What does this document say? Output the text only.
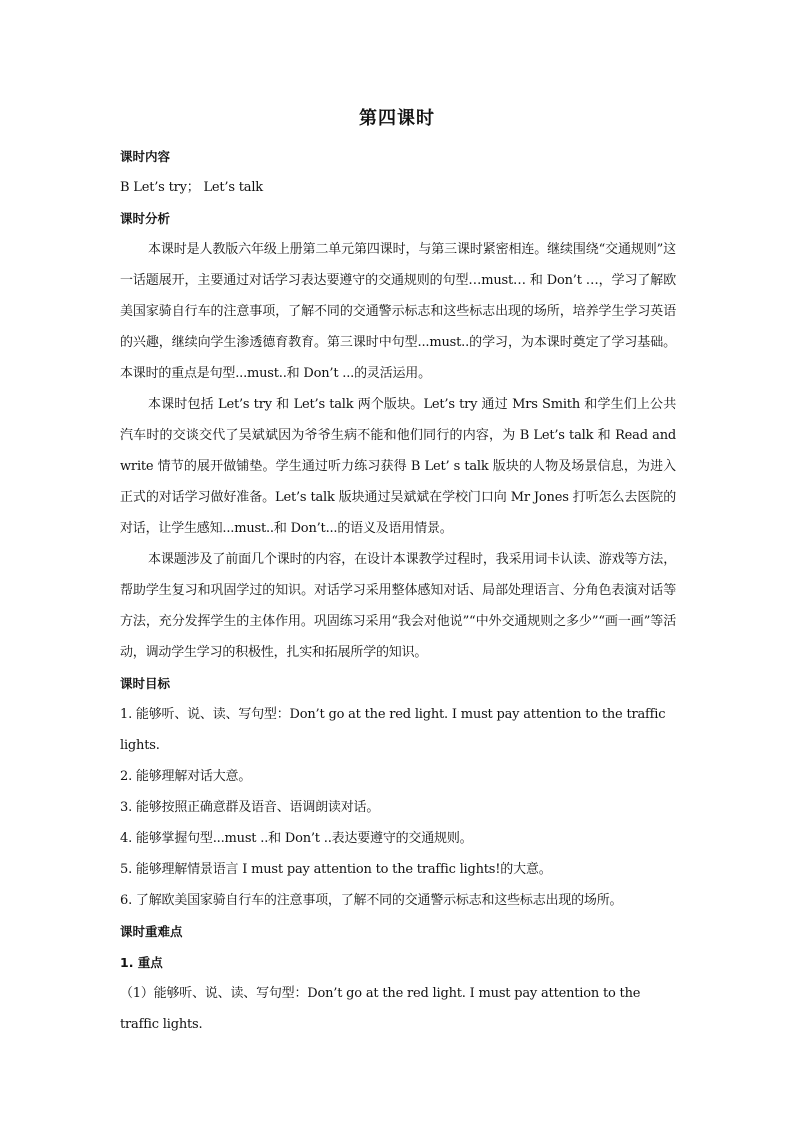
第四课时

课时内容

B Let’s try； Let’s talk

课时分析

本课时是人教版六年级上册第二单元第四课时，与第三课时紧密相连。继续围绕“交通规则”这一话题展开，主要通过对话学习表达要遵守的交通规则的句型…must… 和 Don’t …，学习了解欧美国家骑自行车的注意事项，了解不同的交通警示标志和这些标志出现的场所，培养学生学习英语的兴趣，继续向学生渗透德育教育。第三课时中句型...must..的学习，为本课时奠定了学习基础。本课时的重点是句型...must..和 Don’t ...的灵活运用。

本课时包括 Let’s try 和 Let’s talk 两个版块。Let’s try 通过 Mrs Smith 和学生们上公共汽车时的交谈交代了吴斌斌因为爷爷生病不能和他们同行的内容，为 B Let’s talk 和 Read and write 情节的展开做铺垫。学生通过听力练习获得 B Let’ s talk 版块的人物及场景信息，为进入正式的对话学习做好准备。Let’s talk 版块通过吴斌斌在学校门口向 Mr Jones 打听怎么去医院的对话，让学生感知...must..和 Don’t...的语义及语用情景。

本课题涉及了前面几个课时的内容，在设计本课教学过程时，我采用词卡认读、游戏等方法，帮助学生复习和巩固学过的知识。对话学习采用整体感知对话、局部处理语言、分角色表演对话等方法，充分发挥学生的主体作用。巩固练习采用“我会对他说”“中外交通规则之多少”“画一画”等活动，调动学生学习的积极性，扎实和拓展所学的知识。

课时目标

1. 能够听、说、读、写句型：Don’t go at the red light. I must pay attention to the traffic lights.

2. 能够理解对话大意。

3. 能够按照正确意群及语音、语调朗读对话。

4. 能够掌握句型...must ..和 Don’t ..表达要遵守的交通规则。

5. 能够理解情景语言 I must pay attention to the traffic lights!的大意。

6. 了解欧美国家骑自行车的注意事项，了解不同的交通警示标志和这些标志出现的场所。

课时重难点

1. 重点

（1）能够听、说、读、写句型：Don’t go at the red light. I must pay attention to the traffic lights.
